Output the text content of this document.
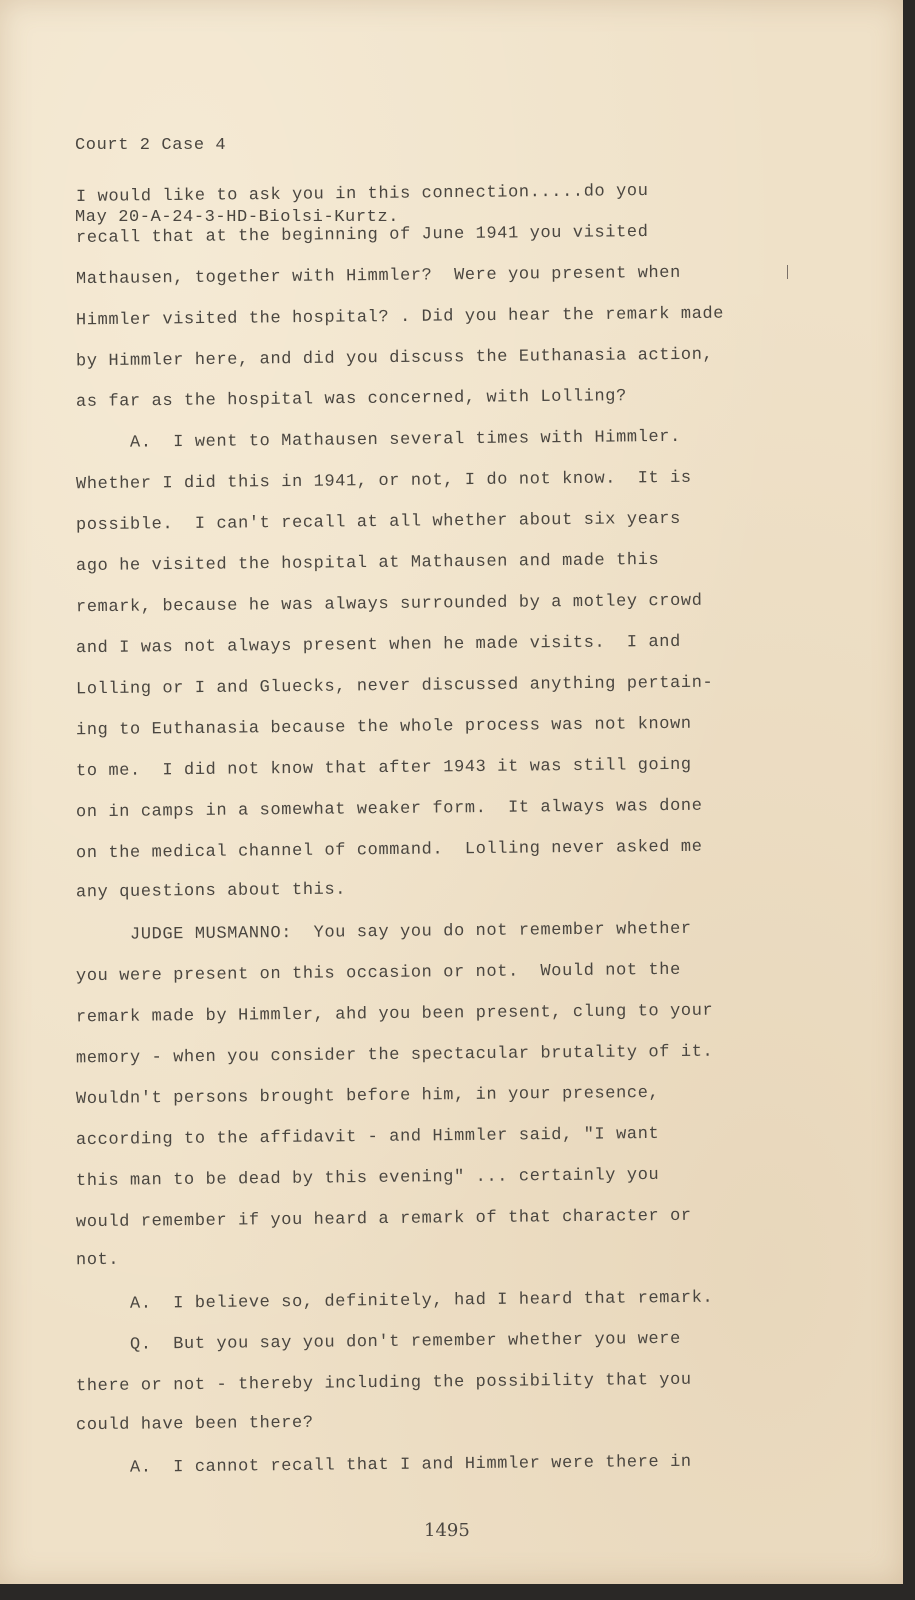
Court 2 Case 4

May 20-A-24-3-HD-Biolsi-Kurtz.

I would like to ask you in this connection.....do you

recall that at the beginning of June 1941 you visited

Mathausen, together with Himmler?  Were you present when

Himmler visited the hospital? . Did you hear the remark made

by Himmler here, and did you discuss the Euthanasia action,

as far as the hospital was concerned, with Lolling?

A.  I went to Mathausen several times with Himmler.

Whether I did this in 1941, or not, I do not know.  It is

possible.  I can't recall at all whether about six years

ago he visited the hospital at Mathausen and made this

remark, because he was always surrounded by a motley crowd

and I was not always present when he made visits.  I and

Lolling or I and Gluecks, never discussed anything pertain-

ing to Euthanasia because the whole process was not known

to me.  I did not know that after 1943 it was still going

on in camps in a somewhat weaker form.  It always was done

on the medical channel of command.  Lolling never asked me

any questions about this.

JUDGE MUSMANNO:  You say you do not remember whether

you were present on this occasion or not.  Would not the

remark made by Himmler, ahd you been present, clung to your

memory - when you consider the spectacular brutality of it.

Wouldn't persons brought before him, in your presence,

according to the affidavit - and Himmler said, "I want

this man to be dead by this evening" ... certainly you

would remember if you heard a remark of that character or

not.

A.  I believe so, definitely, had I heard that remark.

Q.  But you say you don't remember whether you were

there or not - thereby including the possibility that you

could have been there?

A.  I cannot recall that I and Himmler were there in

1495
